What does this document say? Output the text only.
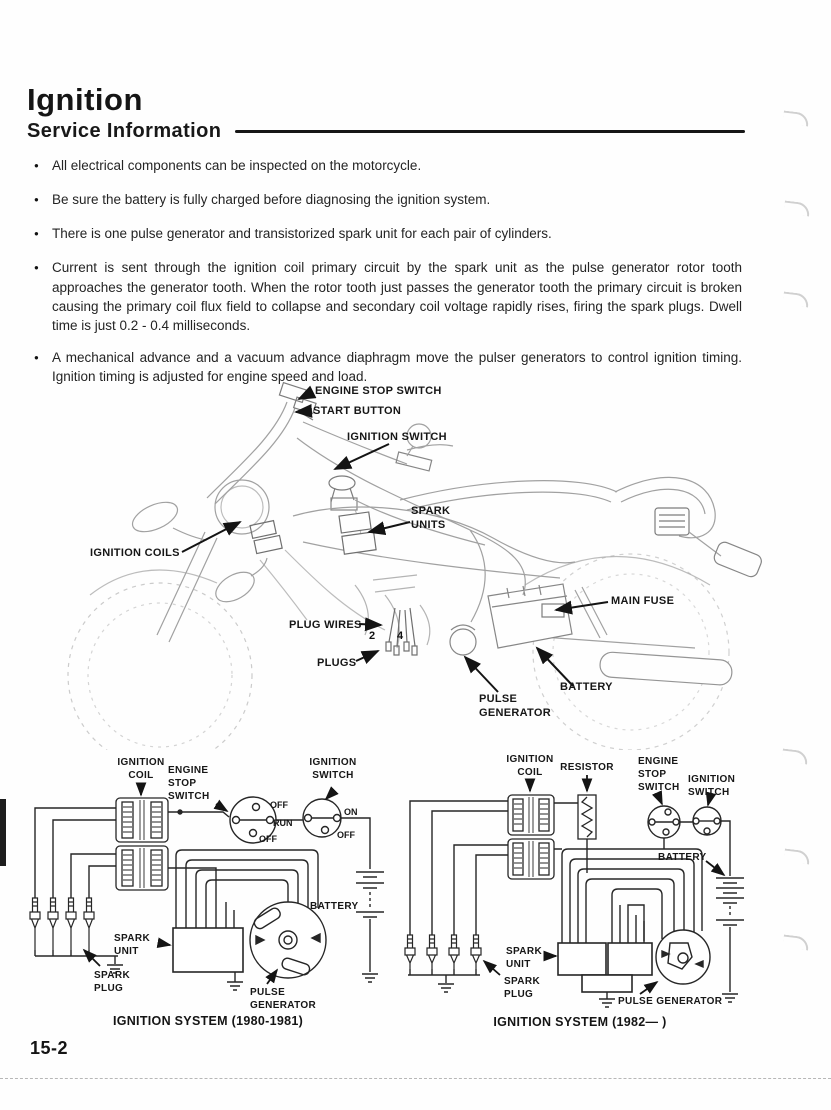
Ignition
Service Information
● All electrical components can be inspected on the motorcycle.
● Be sure the battery is fully charged before diagnosing the ignition system.
● There is one pulse generator and transistorized spark unit for each pair of cylinders.
● Current is sent through the ignition coil primary circuit by the spark unit as the pulse generator rotor tooth approaches the generator tooth. When the rotor tooth just passes the generator tooth the primary circuit is broken causing the primary coil flux field to collapse and secondary coil voltage rapidly rises, firing the spark plugs. Dwell time is just 0.2 - 0.4 milliseconds.
● A mechanical advance and a vacuum advance diaphragm move the pulser generators to control ignition timing. Ignition timing is adjusted for engine speed and load.
ENGINE STOP SWITCH
START BUTTON
IGNITION SWITCH
SPARK UNITS
IGNITION COILS
MAIN FUSE
PLUG WIRES
2 4
PLUGS
PULSE GENERATOR
BATTERY
IGNITION COIL	ENGINE STOP SWITCH
IGNITION SWITCH
OFF
RUN
OFF
ON
OFF
BATTERY
SPARK UNIT
SPARK PLUG	PULSE GENERATOR
IGNITION SYSTEM (1980-1981)
IGNITION COIL	RESISTOR
ENGINE STOP SWITCH
IGNITION SWITCH
BATTERY
SPARK UNIT
SPARK PLUG
PULSE GENERATOR
IGNITION SYSTEM (1982— )
15-2
